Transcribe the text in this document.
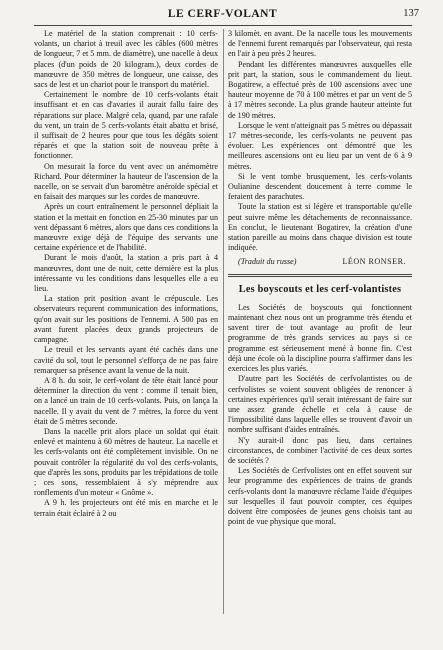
LE CERF-VOLANT	137

Le matériel de la station comprenait : 10 cerfs-volants, un chariot à treuil avec les câbles (600 mètres de longueur, 7 et 5 mm. de diamètre), une nacelle à deux places (d'un poids de 20 kilogram.), deux cordes de manœuvre de 350 mètres de longueur, une caisse, des sacs de lest et un chariot pour le transport du matériel.

Certainement le nombre de 10 cerfs-volants était insuffisant et en cas d'avaries il aurait fallu faire des réparations sur place. Malgré cela, quand, par une rafale du vent, un train de 5 cerfs-volants était abattu et brisé, il suffisait de 2 heures pour que tous les dégâts soient réparés et que la station soit de nouveau prête à fonctionner.

On mesurait la force du vent avec un anémomètre Richard. Pour déterminer la hauteur de l'ascension de la nacelle, on se servait d'un baromètre anéroïde spécial et en faisait des marques sur les cordes de manœuvre.

Après un court entraînement le personnel dépliait la station et la mettait en fonction en 25-30 minutes par un vent dépassant 6 mètres, alors que dans ces conditions la manœuvre exige déjà de l'équipe des servants une certaine expérience et de l'habilité.

Durant le mois d'août, la station a pris part à 4 manœuvres, dont une de nuit, cette dernière est la plus intéressante vu les conditions dans lesquelles elle a eu lieu.

La station prit position avant le crépuscule. Les observateurs reçurent communication des informations, qu'on avait sur les positions de l'ennemi. A 500 pas en avant furent placées deux grands projecteurs de campagne.

Le treuil et les servants ayant été cachés dans une cavité du sol, tout le personnel s'efforça de ne pas faire remarquer sa présence avant la venue de la nuit.

A 8 h. du soir, le cerf-volant de tête était lancé pour déterminer la direction du vent : comme il tenait bien, on a lancé un train de 10 cerfs-volants. Puis, on lança la nacelle. Il y avait du vent de 7 mètres, la force du vent était de 5 mètres seconde.

Dans la nacelle prit alors place un soldat qui était enlevé et maintenu à 60 mètres de hauteur. La nacelle et les cerfs-volants ont été complètement invisible. On ne pouvait contrôler la régularité du vol des cerfs-volants, que d'après les sons, produits par les trépidations de toile ; ces sons, ressemblaient à s'y méprendre aux ronflements d'un moteur « Gnôme ».

A 9 h. les projecteurs ont été mis en marche et le terrain était éclairé à 2 ou

3 kilomèt. en avant. De la nacelle tous les mouvements de l'ennemi furent remarqués par l'observateur, qui resta en l'air à peu près 2 heures.

Pendant les différentes manœuvres auxquelles elle prit part, la station, sous le commandement du lieut. Bogatirew, a effectué près de 100 ascensions avec une hauteur moyenne de 70 à 100 mètres et par un vent de 5 à 17 mètres seconde. La plus grande hauteur atteinte fut de 190 mètres.

Lorsque le vent n'atteignait pas 5 mètres ou dépassait 17 mètres-seconde, les cerfs-volants ne peuvent pas évoluer. Les expériences ont démontré que les meilleures ascensions ont eu lieu par un vent de 6 à 9 mètres.

Si le vent tombe brusquement, les cerfs-volants Oulianine descendent doucement à terre comme le feraient des parachutes.

Toute la station est si légère et transportable qu'elle peut suivre même les détachements de reconnaissance. En conclut, le lieutenant Bogatirev, la création d'une station pareille au moins dans chaque division est toute indiquée.

(Traduit du russe)	LÉON RONSER.
Les boyscouts et les cerf-volantistes

Les Sociétés de boyscouts qui fonctionnent maintenant chez nous ont un programme très étendu et savent tirer de tout avantage au profit de leur programme de très grands services au pays si ce programme est sérieusement mené à bonne fin. C'est déjà une école où la discipline pourra s'affirmer dans les exercices les plus variés.

D'autre part les Sociétés de cerfvolantistes ou de cerfvolistes se voient souvent obligées de renoncer à certaines expériences qu'il serait intéressant de faire sur une assez grande échelle et cela à cause de l'impossibilité dans laquelle elles se trouvent d'avoir un nombre suffisant d'aides entraînés.

N'y aurait-il donc pas lieu, dans certaines circonstances, de combiner l'activité de ces deux sortes de sociétés ?

Les Sociétés de Cerfvolistes ont en effet souvent sur leur programme des expériences de trains de grands cerfs-volants dont la manœuvre réclame l'aide d'équipes sur lesquelles il faut pouvoir compter, ces équipes doivent être composées de jeunes gens choisis tant au point de vue physique que moral.
